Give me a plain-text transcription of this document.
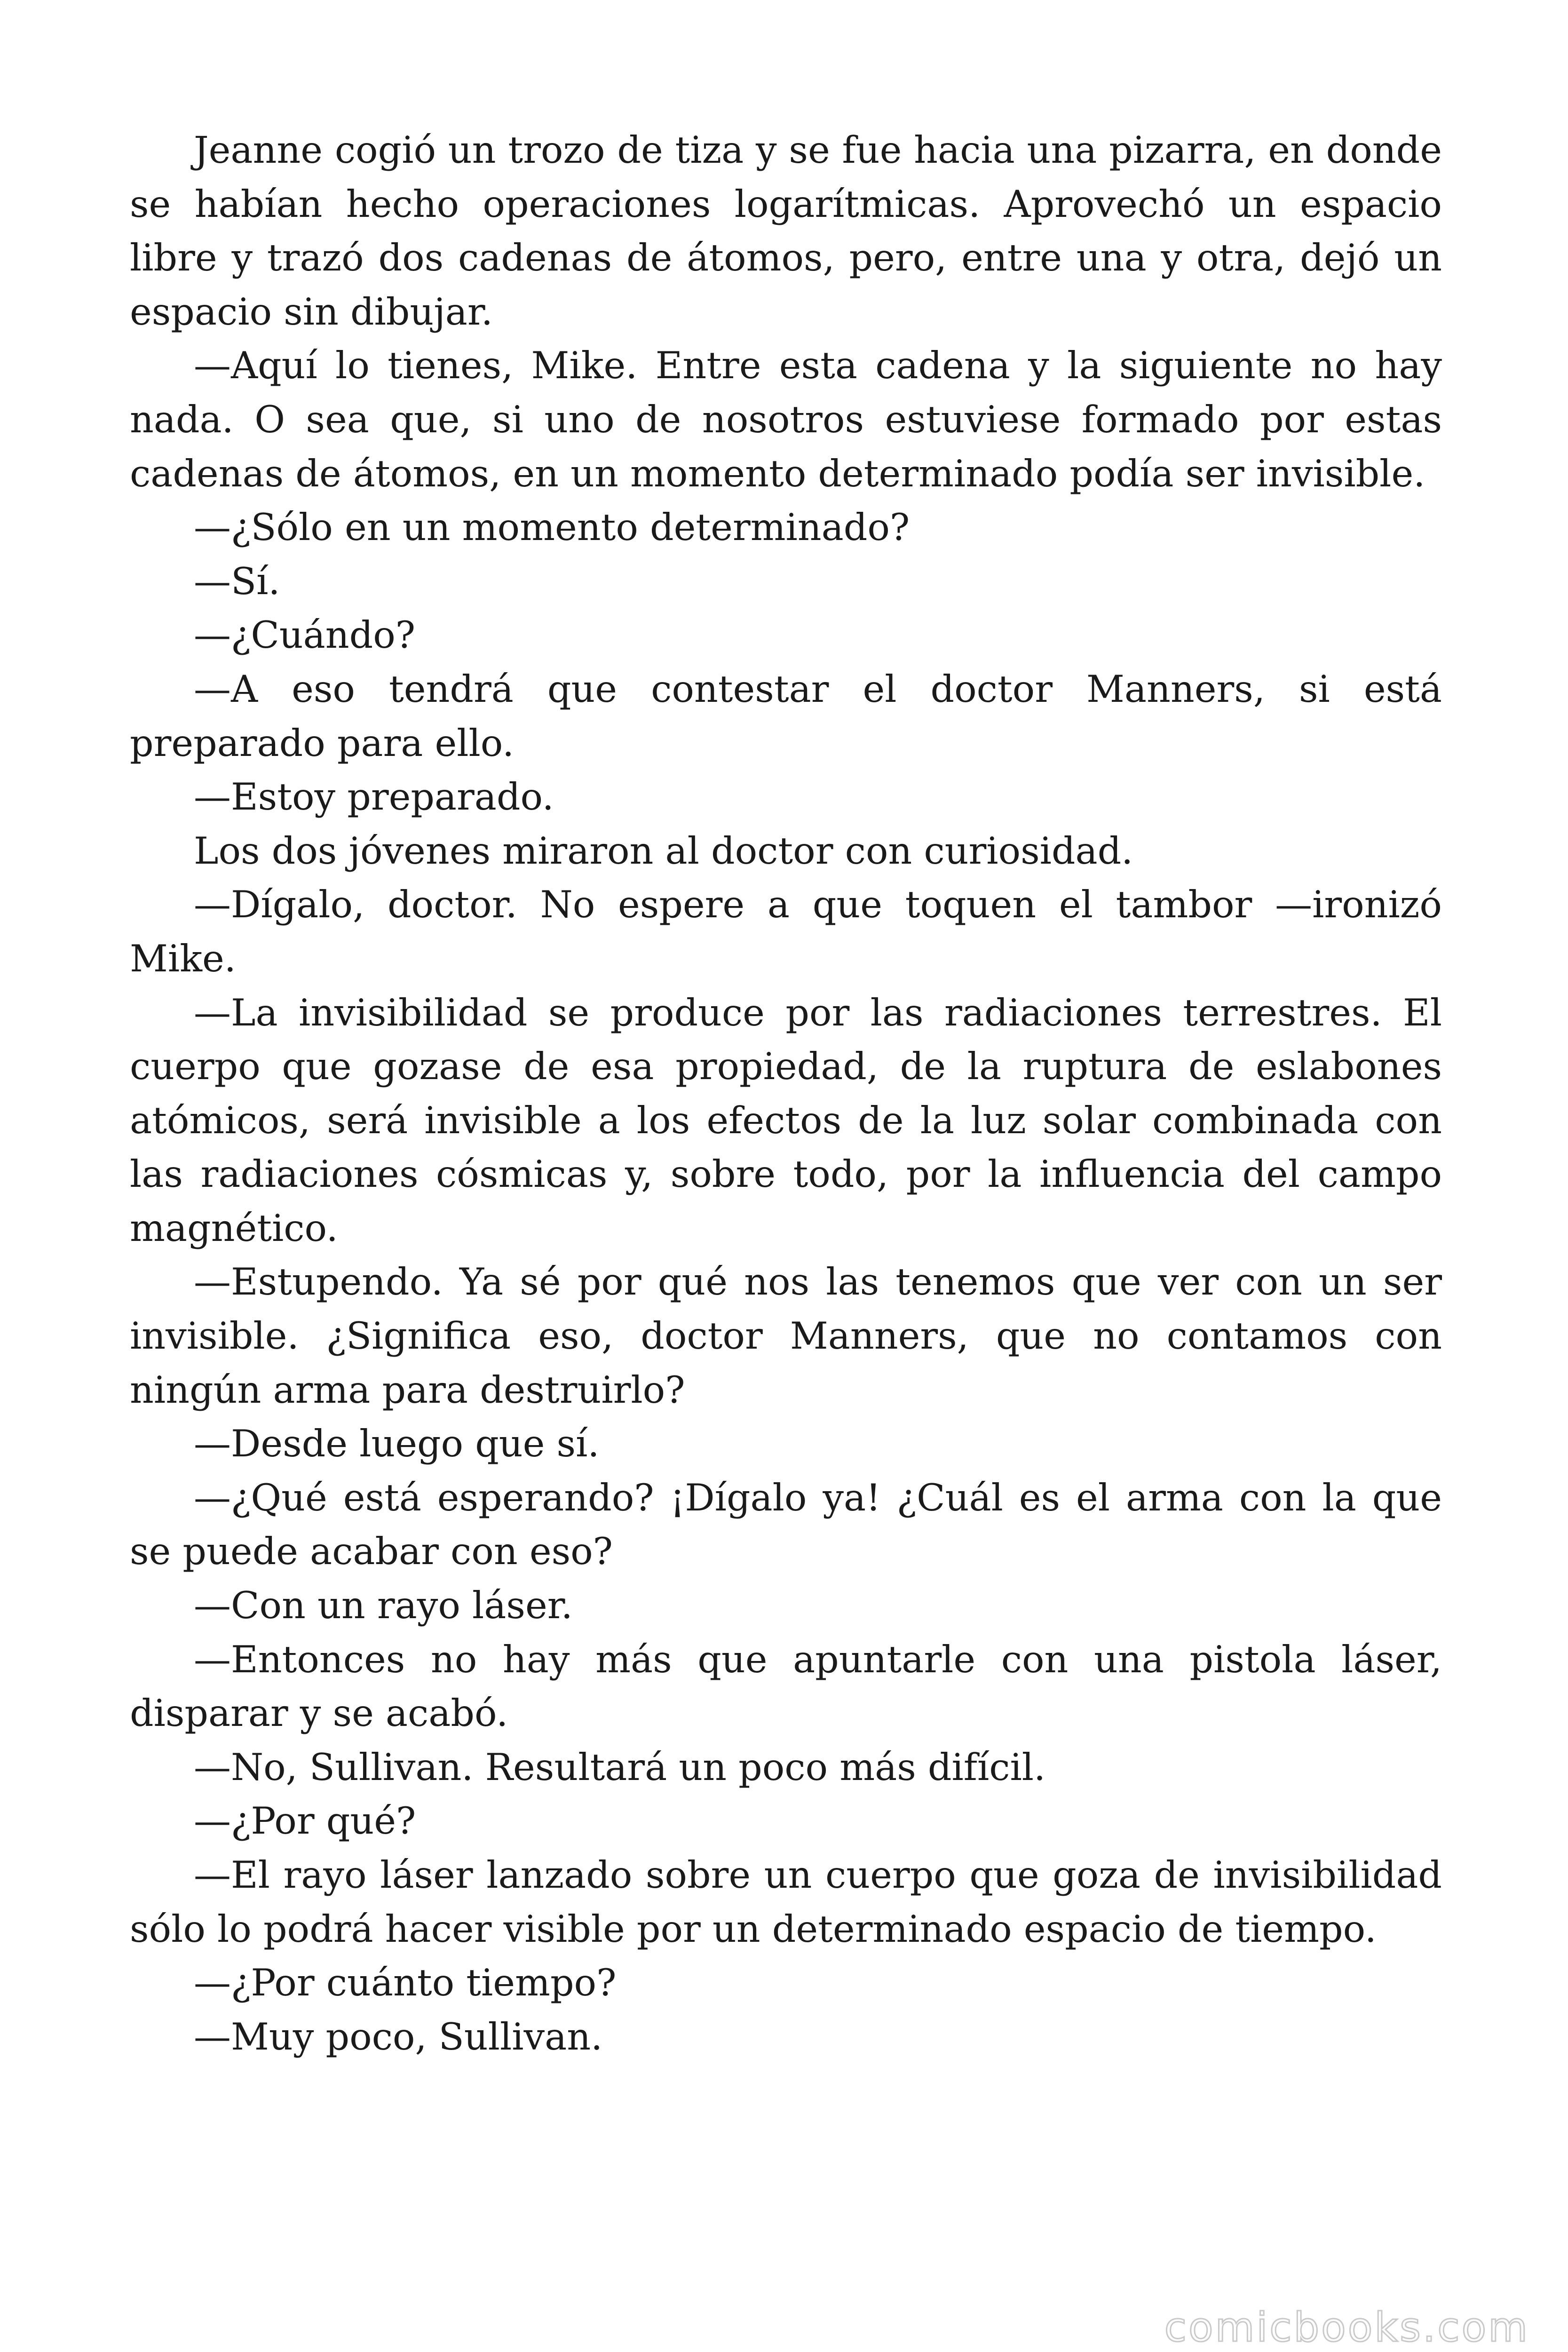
Jeanne cogió un trozo de tiza y se fue hacia una pizarra, en donde se habían hecho operaciones logarítmicas. Aprovechó un espacio libre y trazó dos cadenas de átomos, pero, entre una y otra, dejó un espacio sin dibujar.

—Aquí lo tienes, Mike. Entre esta cadena y la siguiente no hay nada. O sea que, si uno de nosotros estuviese formado por estas cadenas de átomos, en un momento determinado podía ser invisible.

—¿Sólo en un momento determinado?

—Sí.

—¿Cuándo?

—A eso tendrá que contestar el doctor Manners, si está preparado para ello.

—Estoy preparado.

Los dos jóvenes miraron al doctor con curiosidad.

—Dígalo, doctor. No espere a que toquen el tambor —ironizó Mike.

—La invisibilidad se produce por las radiaciones terrestres. El cuerpo que gozase de esa propiedad, de la ruptura de eslabones atómicos, será invisible a los efectos de la luz solar combinada con las radiaciones cósmicas y, sobre todo, por la influencia del campo magnético.

—Estupendo. Ya sé por qué nos las tenemos que ver con un ser invisible. ¿Significa eso, doctor Manners, que no contamos con ningún arma para destruirlo?

—Desde luego que sí.

—¿Qué está esperando? ¡Dígalo ya! ¿Cuál es el arma con la que se puede acabar con eso?

—Con un rayo láser.

—Entonces no hay más que apuntarle con una pistola láser, disparar y se acabó.

—No, Sullivan. Resultará un poco más difícil.

—¿Por qué?

—El rayo láser lanzado sobre un cuerpo que goza de invisibilidad sólo lo podrá hacer visible por un determinado espacio de tiempo.

—¿Por cuánto tiempo?

—Muy poco, Sullivan.

comicbooks.com
